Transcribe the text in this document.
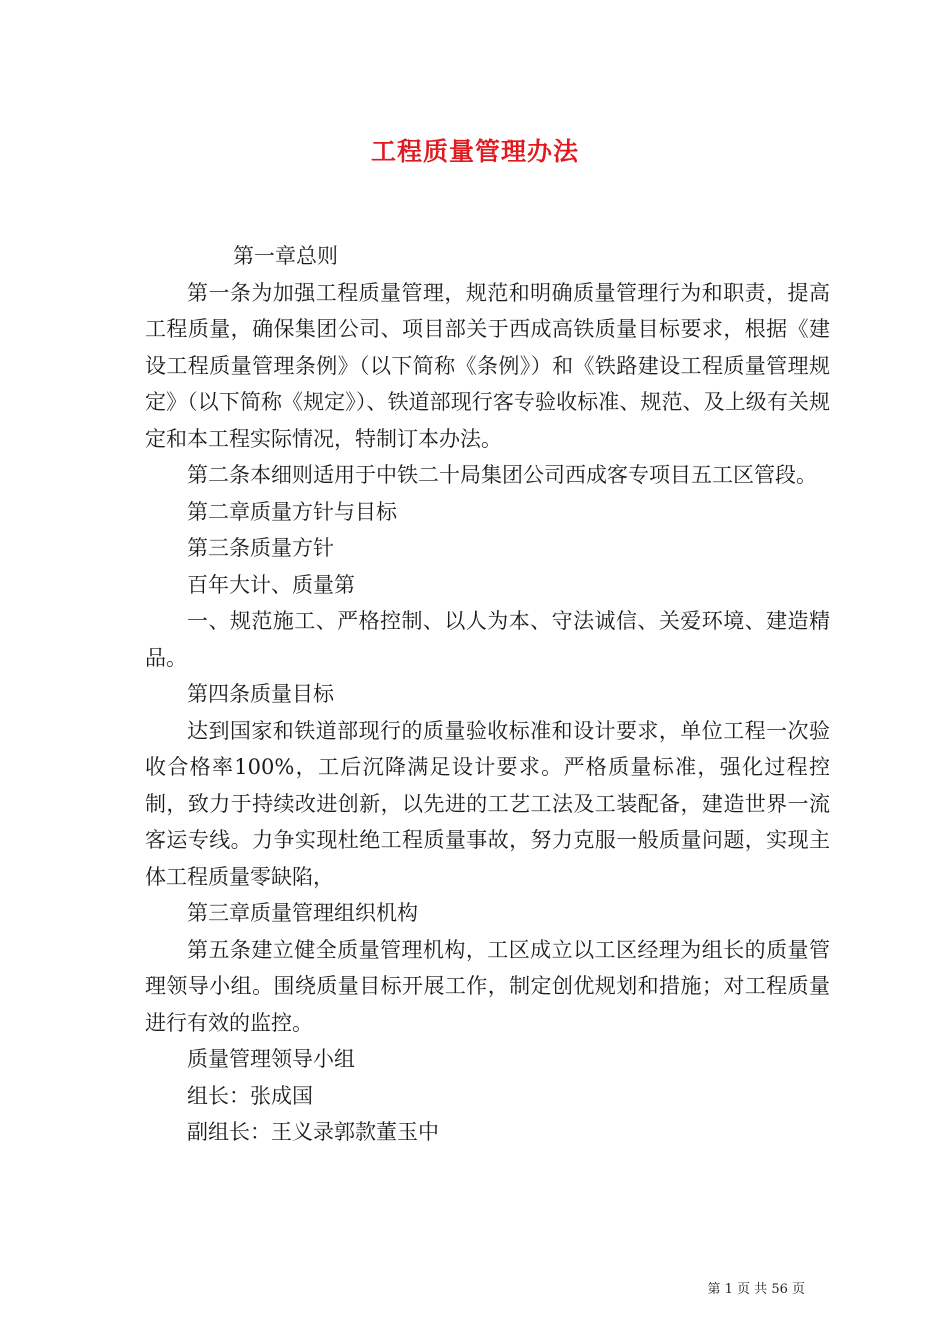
工程质量管理办法

第一章总则

第一条为加强工程质量管理，规范和明确质量管理行为和职责，提高工程质量，确保集团公司、项目部关于西成高铁质量目标要求，根据《建设工程质量管理条例》（以下简称《条例》）和《铁路建设工程质量管理规定》（以下简称《规定》）、铁道部现行客专验收标准、规范、及上级有关规定和本工程实际情况，特制订本办法。

第二条本细则适用于中铁二十局集团公司西成客专项目五工区管段。

第二章质量方针与目标

第三条质量方针

百年大计、质量第

一、规范施工、严格控制、以人为本、守法诚信、关爱环境、建造精品。

第四条质量目标

达到国家和铁道部现行的质量验收标准和设计要求，单位工程一次验收合格率100%，工后沉降满足设计要求。严格质量标准，强化过程控制，致力于持续改进创新，以先进的工艺工法及工装配备，建造世界一流客运专线。力争实现杜绝工程质量事故，努力克服一般质量问题，实现主体工程质量零缺陷，

第三章质量管理组织机构

第五条建立健全质量管理机构，工区成立以工区经理为组长的质量管理领导小组。围绕质量目标开展工作，制定创优规划和措施；对工程质量进行有效的监控。

质量管理领导小组

组长：张成国

副组长：王义录郭款董玉中

第 1 页 共 56 页
